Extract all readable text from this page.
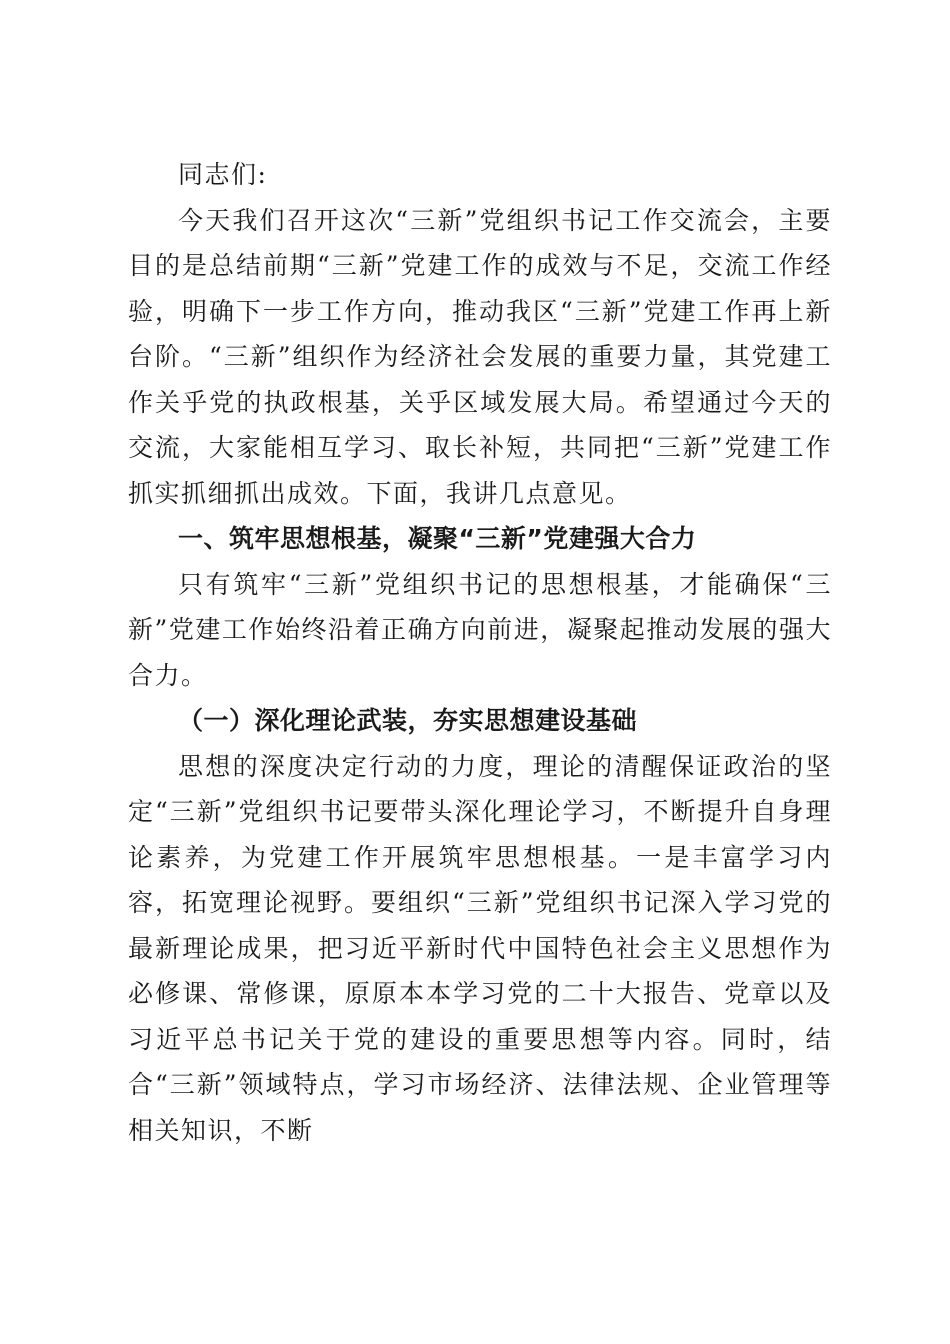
同志们:

今天我们召开这次“三新”党组织书记工作交流会，主要目的是总结前期“三新”党建工作的成效与不足，交流工作经验，明确下一步工作方向，推动我区“三新”党建工作再上新台阶。“三新”组织作为经济社会发展的重要力量，其党建工作关乎党的执政根基，关乎区域发展大局。希望通过今天的交流，大家能相互学习、取长补短，共同把“三新”党建工作抓实抓细抓出成效。下面，我讲几点意见。

一、筑牢思想根基，凝聚“三新”党建强大合力

只有筑牢“三新”党组织书记的思想根基，才能确保“三新”党建工作始终沿着正确方向前进，凝聚起推动发展的强大合力。

（一）深化理论武装，夯实思想建设基础

思想的深度决定行动的力度，理论的清醒保证政治的坚定“三新”党组织书记要带头深化理论学习，不断提升自身理论素养，为党建工作开展筑牢思想根基。一是丰富学习内容，拓宽理论视野。要组织“三新”党组织书记深入学习党的最新理论成果，把习近平新时代中国特色社会主义思想作为必修课、常修课，原原本本学习党的二十大报告、党章以及习近平总书记关于党的建设的重要思想等内容。同时，结合“三新”领域特点，学习市场经济、法律法规、企业管理等相关知识，不断
